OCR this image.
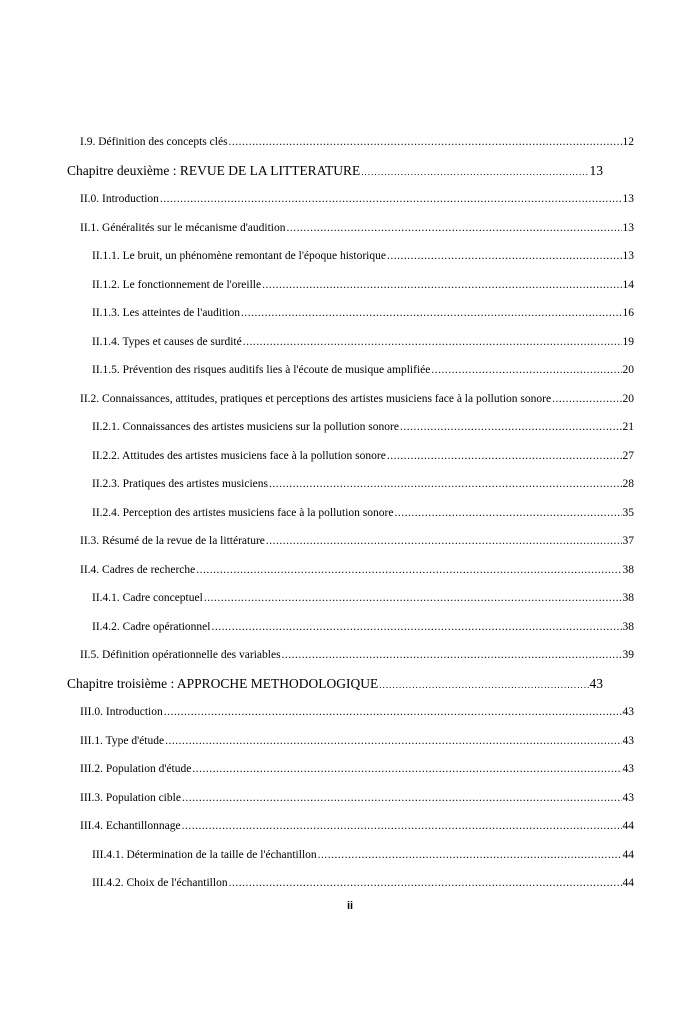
I.9. Définition des concepts clés .....	12
Chapitre deuxième : REVUE DE LA LITTERATURE . . .	13
II.0. Introduction .....	13
II.1. Généralités sur le mécanisme d'audition .....	13
II.1.1. Le bruit, un phénomène remontant de l'époque historique .....	13
II.1.2. Le fonctionnement de l'oreille .....	14
II.1.3. Les atteintes de l'audition .....	16
II.1.4. Types et causes de surdité .....	19
II.1.5. Prévention des risques auditifs lies à l'écoute de musique amplifiée .....	20
II.2. Connaissances, attitudes, pratiques et perceptions des artistes musiciens face à la pollution sonore .....	20
II.2.1. Connaissances des artistes musiciens sur la pollution sonore .....	21
II.2.2. Attitudes des artistes musiciens face à la pollution sonore .....	27
II.2.3. Pratiques des artistes musiciens .....	28
II.2.4. Perception des artistes musiciens face à la pollution sonore .....	35
II.3. Résumé de la revue de la littérature .....	37
II.4. Cadres de recherche .....	38
II.4.1. Cadre conceptuel .....	38
II.4.2. Cadre opérationnel .....	38
II.5. Définition opérationnelle des variables .....	39
Chapitre troisième : APPROCHE METHODOLOGIQUE . . .	43
III.0. Introduction .....	43
III.1. Type d'étude .....	43
III.2. Population d'étude .....	43
III.3. Population cible .....	43
III.4. Echantillonnage .....	44
III.4.1. Détermination de la taille de l'échantillon .....	44
III.4.2. Choix de l'échantillon .....	44
ii
